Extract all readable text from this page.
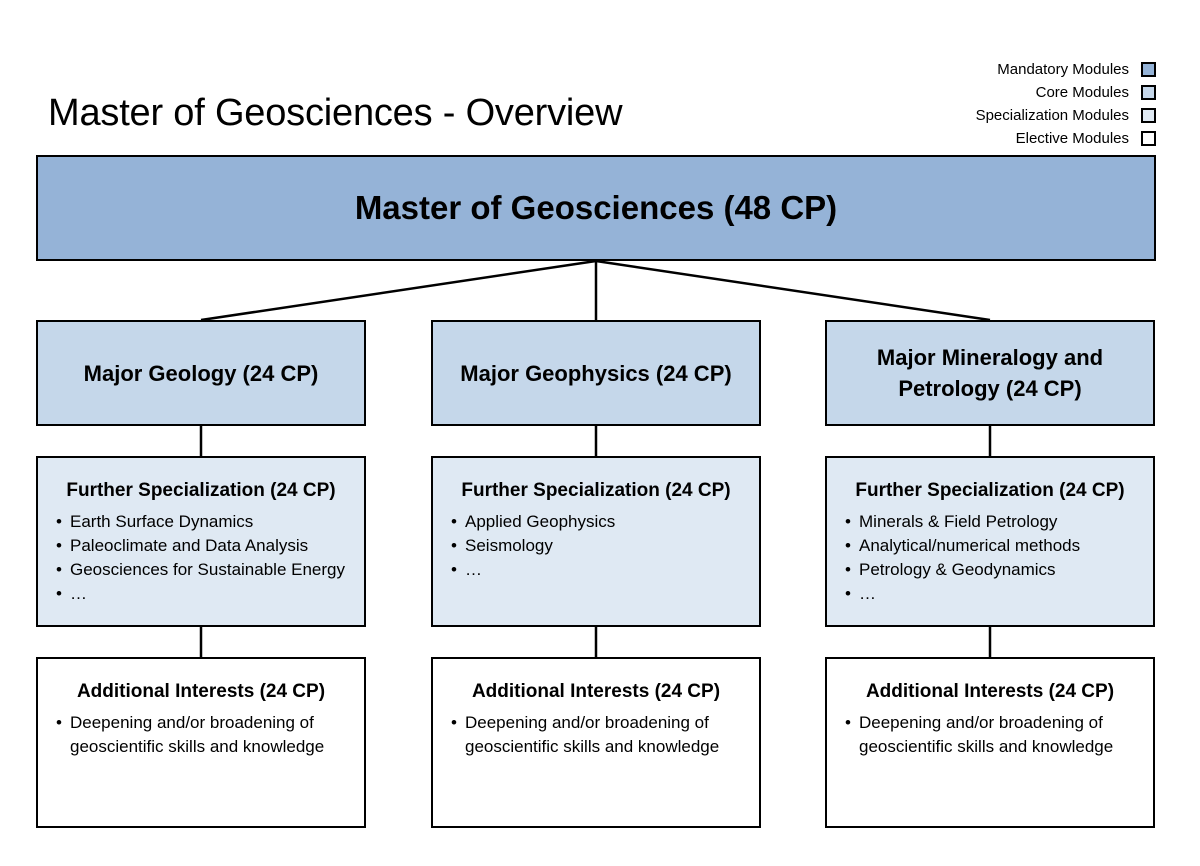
Master of Geosciences - Overview
Mandatory Modules
Core Modules
Specialization Modules
Elective Modules
Master of Geosciences (48 CP)
Major Geology (24 CP)	Major Geophysics (24 CP)
Major Mineralogy and Petrology (24 CP)
Further Specialization (24 CP)
• Earth Surface Dynamics
• Paleoclimate and Data Analysis
• Geosciences for Sustainable Energy
• …
Further Specialization (24 CP)
• Applied Geophysics
• Seismology
• …
Further Specialization (24 CP)
• Minerals & Field Petrology
• Analytical/numerical methods
• Petrology & Geodynamics
• …
Additional Interests (24 CP)
• Deepening and/or broadening of geoscientific skills and knowledge
Additional Interests (24 CP)
• Deepening and/or broadening of geoscientific skills and knowledge
Additional Interests (24 CP)
• Deepening and/or broadening of geoscientific skills and knowledge
